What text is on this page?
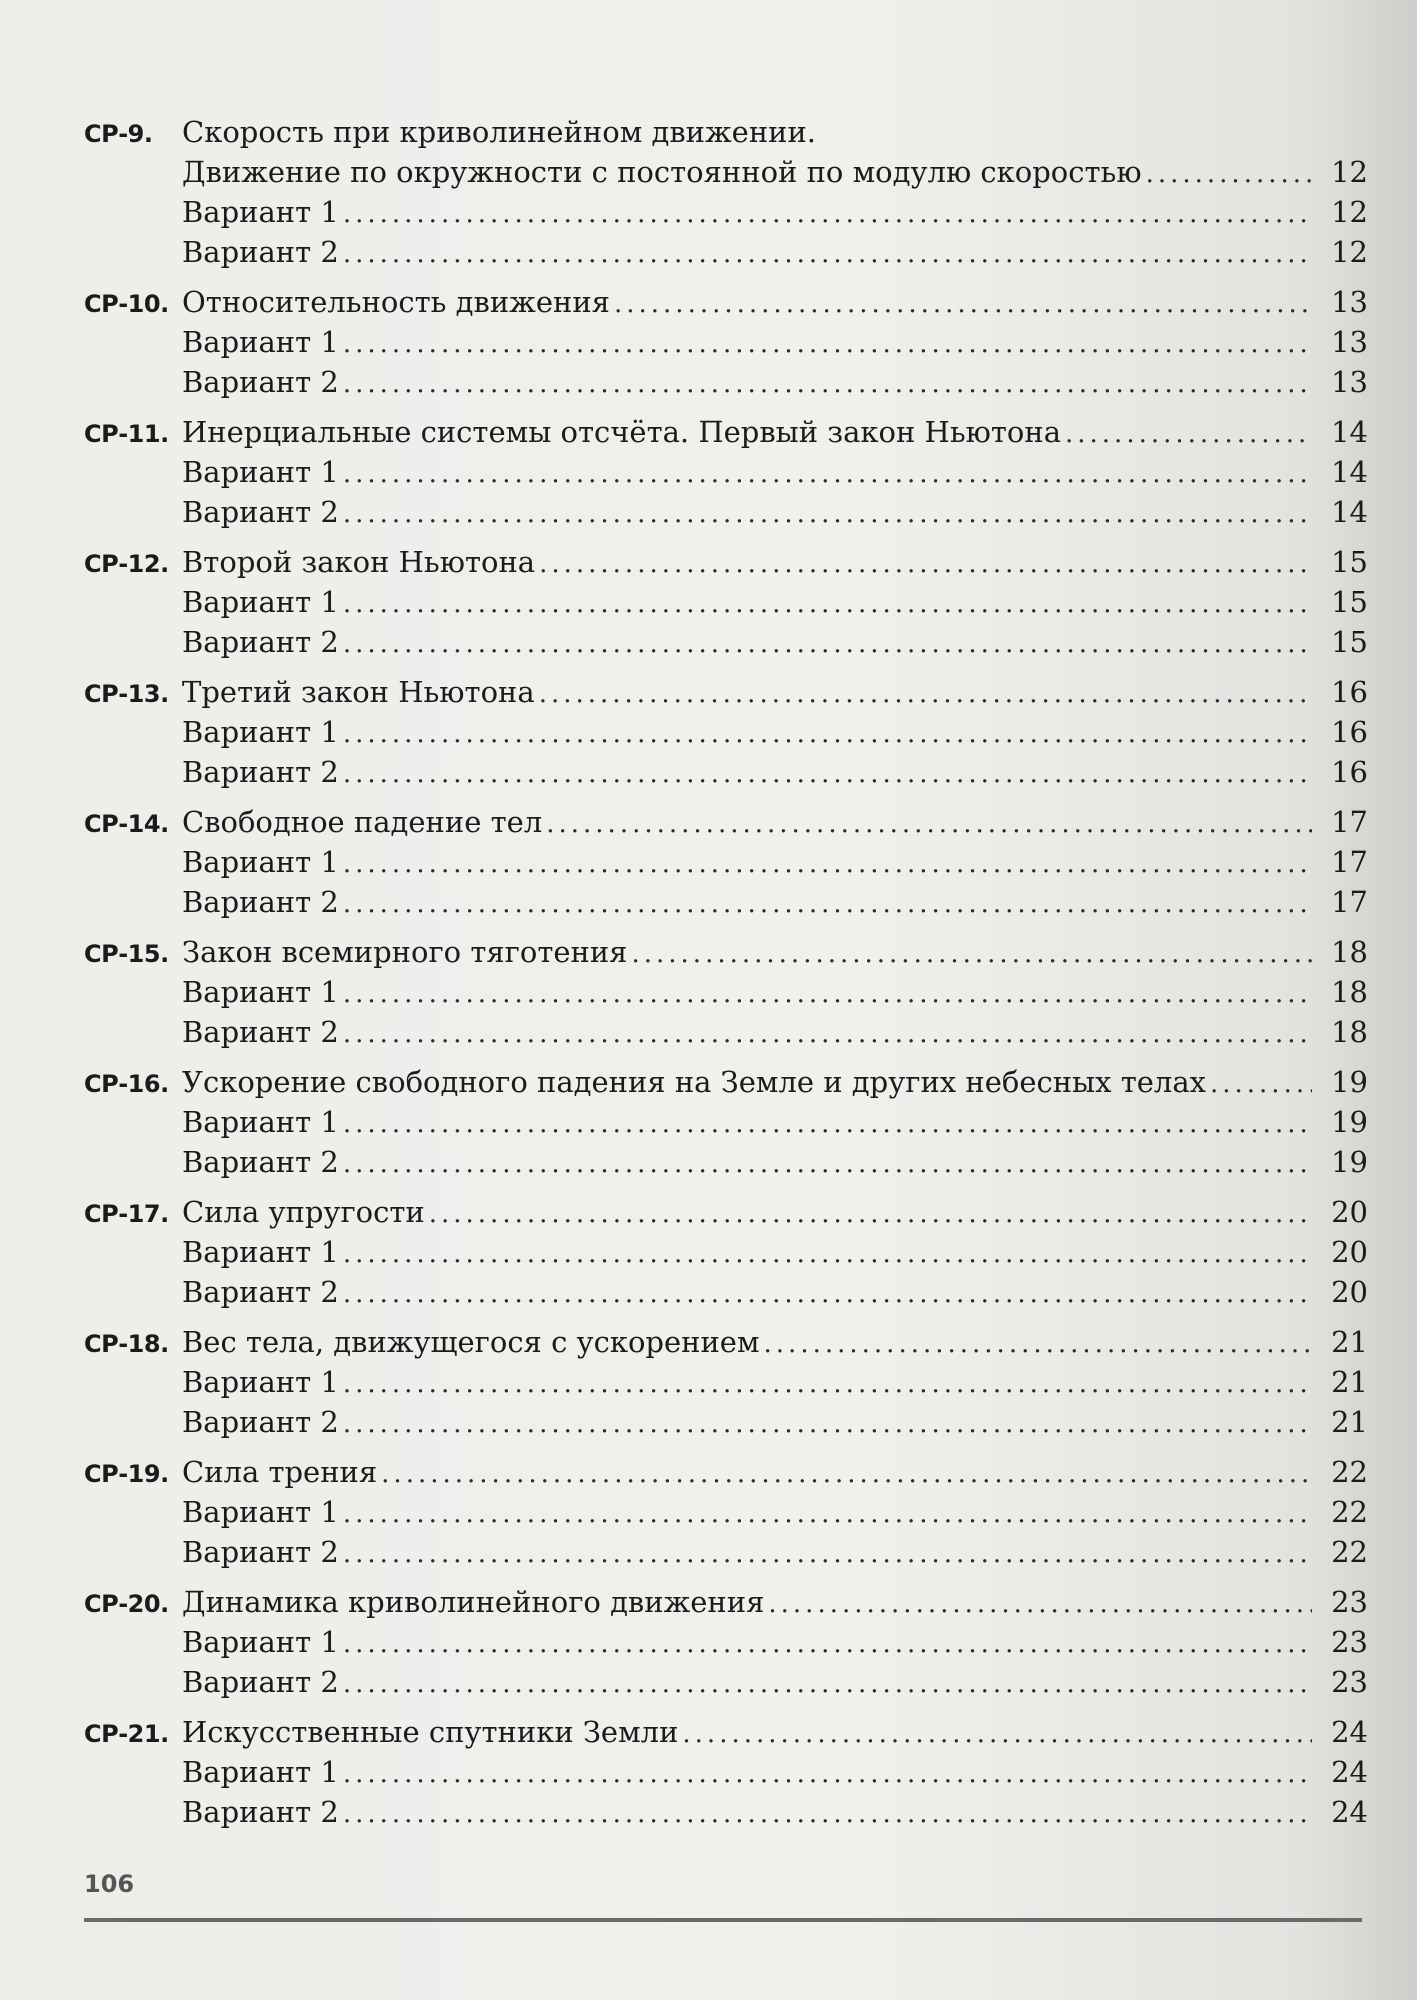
СР-9.	Скорость при криволинейном движении.
Движение по окружности с постоянной по модулю скоростью .....	12
Вариант 1 .....	12
Вариант 2 .....	12
СР-10. Относительность движения .....	13
Вариант 1 .....	13
Вариант 2 .....	13
СР-11. Инерциальные системы отсчёта. Первый закон Ньютона .....	14
Вариант 1 .....	14
Вариант 2 .....	14
СР-12. Второй закон Ньютона .....	15
Вариант 1 .....	15
Вариант 2 .....	15
СР-13. Третий закон Ньютона .....	16
Вариант 1 .....	16
Вариант 2 .....	16
СР-14. Свободное падение тел .....	17
Вариант 1 .....	17
Вариант 2 .....	17
СР-15. Закон всемирного тяготения .....	18
Вариант 1 .....	18
Вариант 2 .....	18
СР-16. Ускорение свободного падения на Земле и других небесных телах .....	19
Вариант 1 .....	19
Вариант 2 .....	19
СР-17. Сила упругости .....	20
Вариант 1 .....	20
Вариант 2 .....	20
СР-18. Вес тела, движущегося с ускорением .....	21
Вариант 1 .....	21
Вариант 2 .....	21
СР-19. Сила трения .....	22
Вариант 1 .....	22
Вариант 2 .....	22
СР-20. Динамика криволинейного движения .....	23
Вариант 1 .....	23
Вариант 2 .....	23
СР-21. Искусственные спутники Земли .....	24
Вариант 1 .....	24
Вариант 2 .....	24
106
